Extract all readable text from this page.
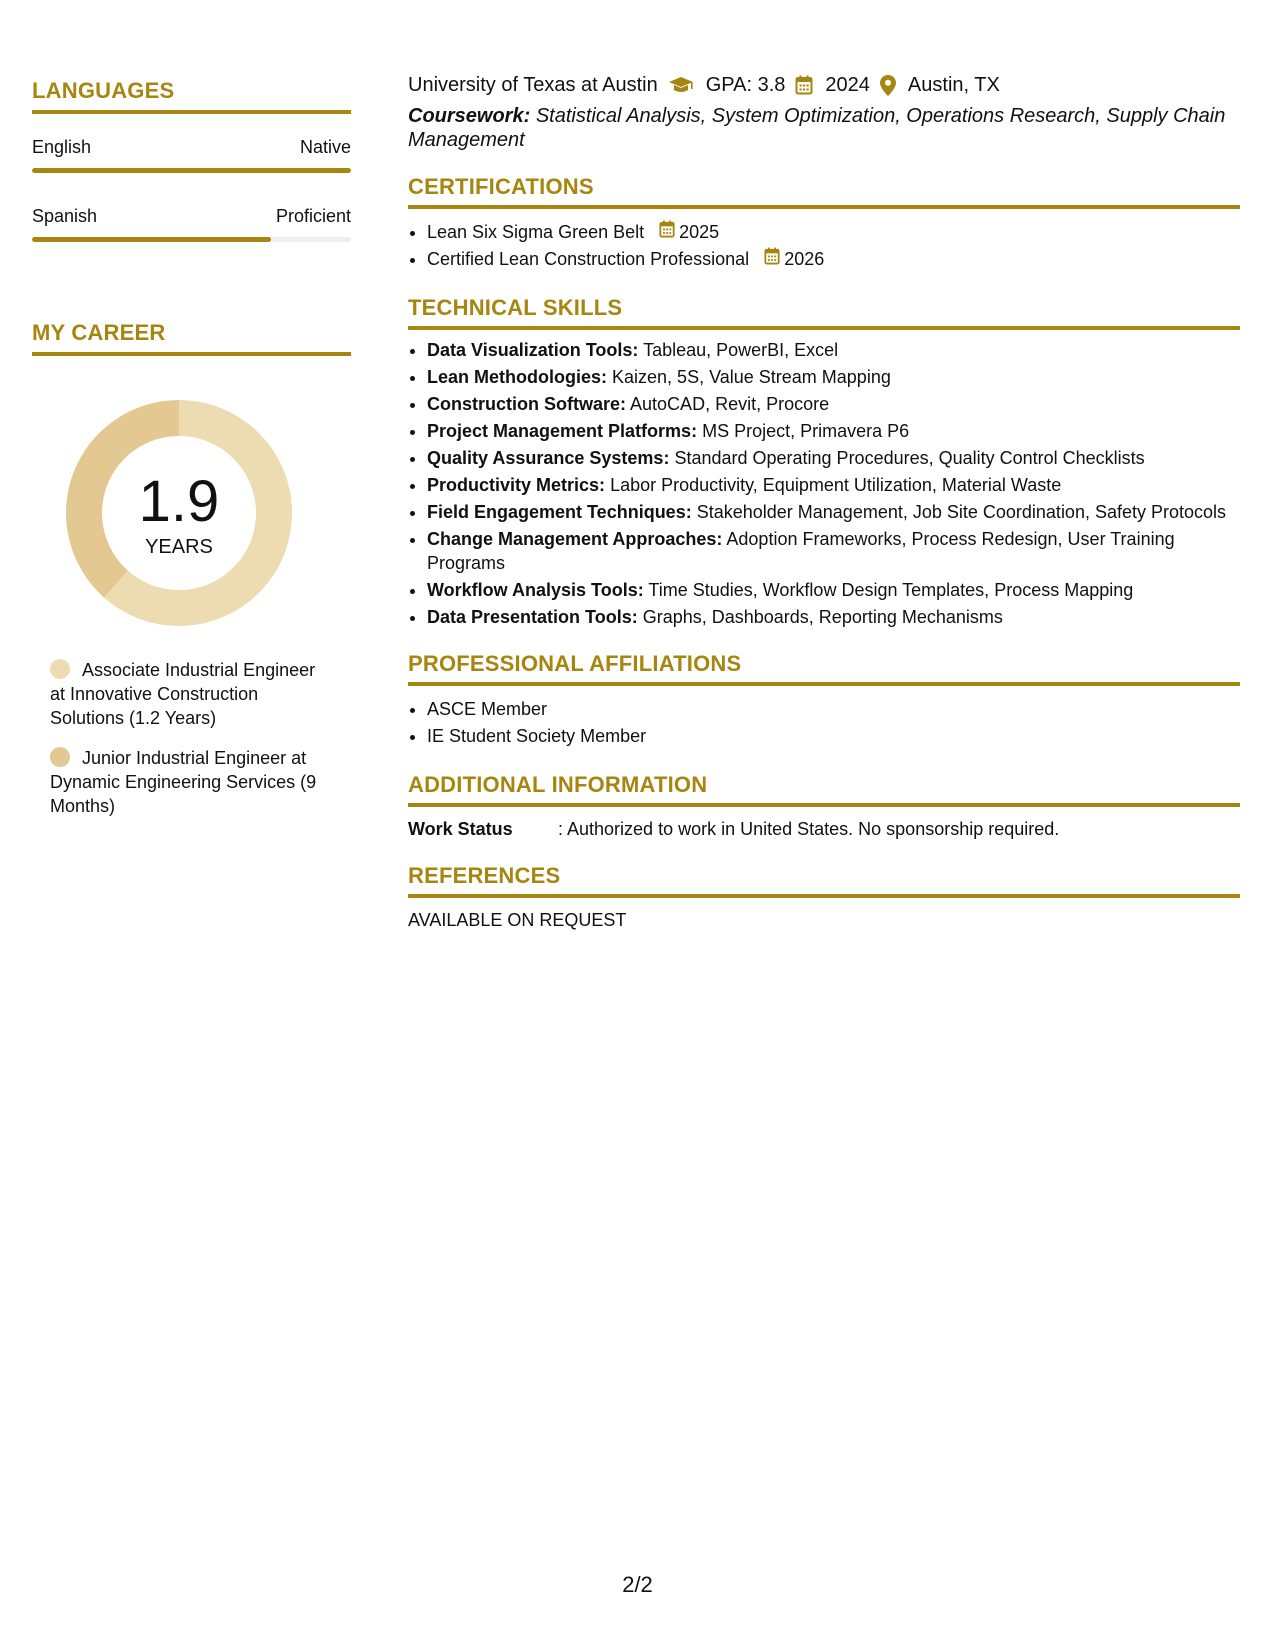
LANGUAGES
English	Native
Spanish	Proficient
MY CAREER
1.9
YEARS
Associate Industrial Engineer at Innovative Construction Solutions (1.2 Years)
Junior Industrial Engineer at Dynamic Engineering Services (9 Months)
University of Texas at Austin GPA: 3.8 2024 Austin, TX
Coursework: Statistical Analysis, System Optimization, Operations Research, Supply Chain Management
CERTIFICATIONS
• Lean Six Sigma Green Belt 2025
• Certified Lean Construction Professional 2026
TECHNICAL SKILLS
• Data Visualization Tools: Tableau, PowerBI, Excel
• Lean Methodologies: Kaizen, 5S, Value Stream Mapping
• Construction Software: AutoCAD, Revit, Procore
• Project Management Platforms: MS Project, Primavera P6
• Quality Assurance Systems: Standard Operating Procedures, Quality Control Checklists
• Productivity Metrics: Labor Productivity, Equipment Utilization, Material Waste
• Field Engagement Techniques: Stakeholder Management, Job Site Coordination, Safety Protocols
• Change Management Approaches: Adoption Frameworks, Process Redesign, User Training Programs
• Workflow Analysis Tools: Time Studies, Workflow Design Templates, Process Mapping
• Data Presentation Tools: Graphs, Dashboards, Reporting Mechanisms
PROFESSIONAL AFFILIATIONS
• ASCE Member
• IE Student Society Member
ADDITIONAL INFORMATION
Work Status	: Authorized to work in United States. No sponsorship required.
REFERENCES
AVAILABLE ON REQUEST
2/2
